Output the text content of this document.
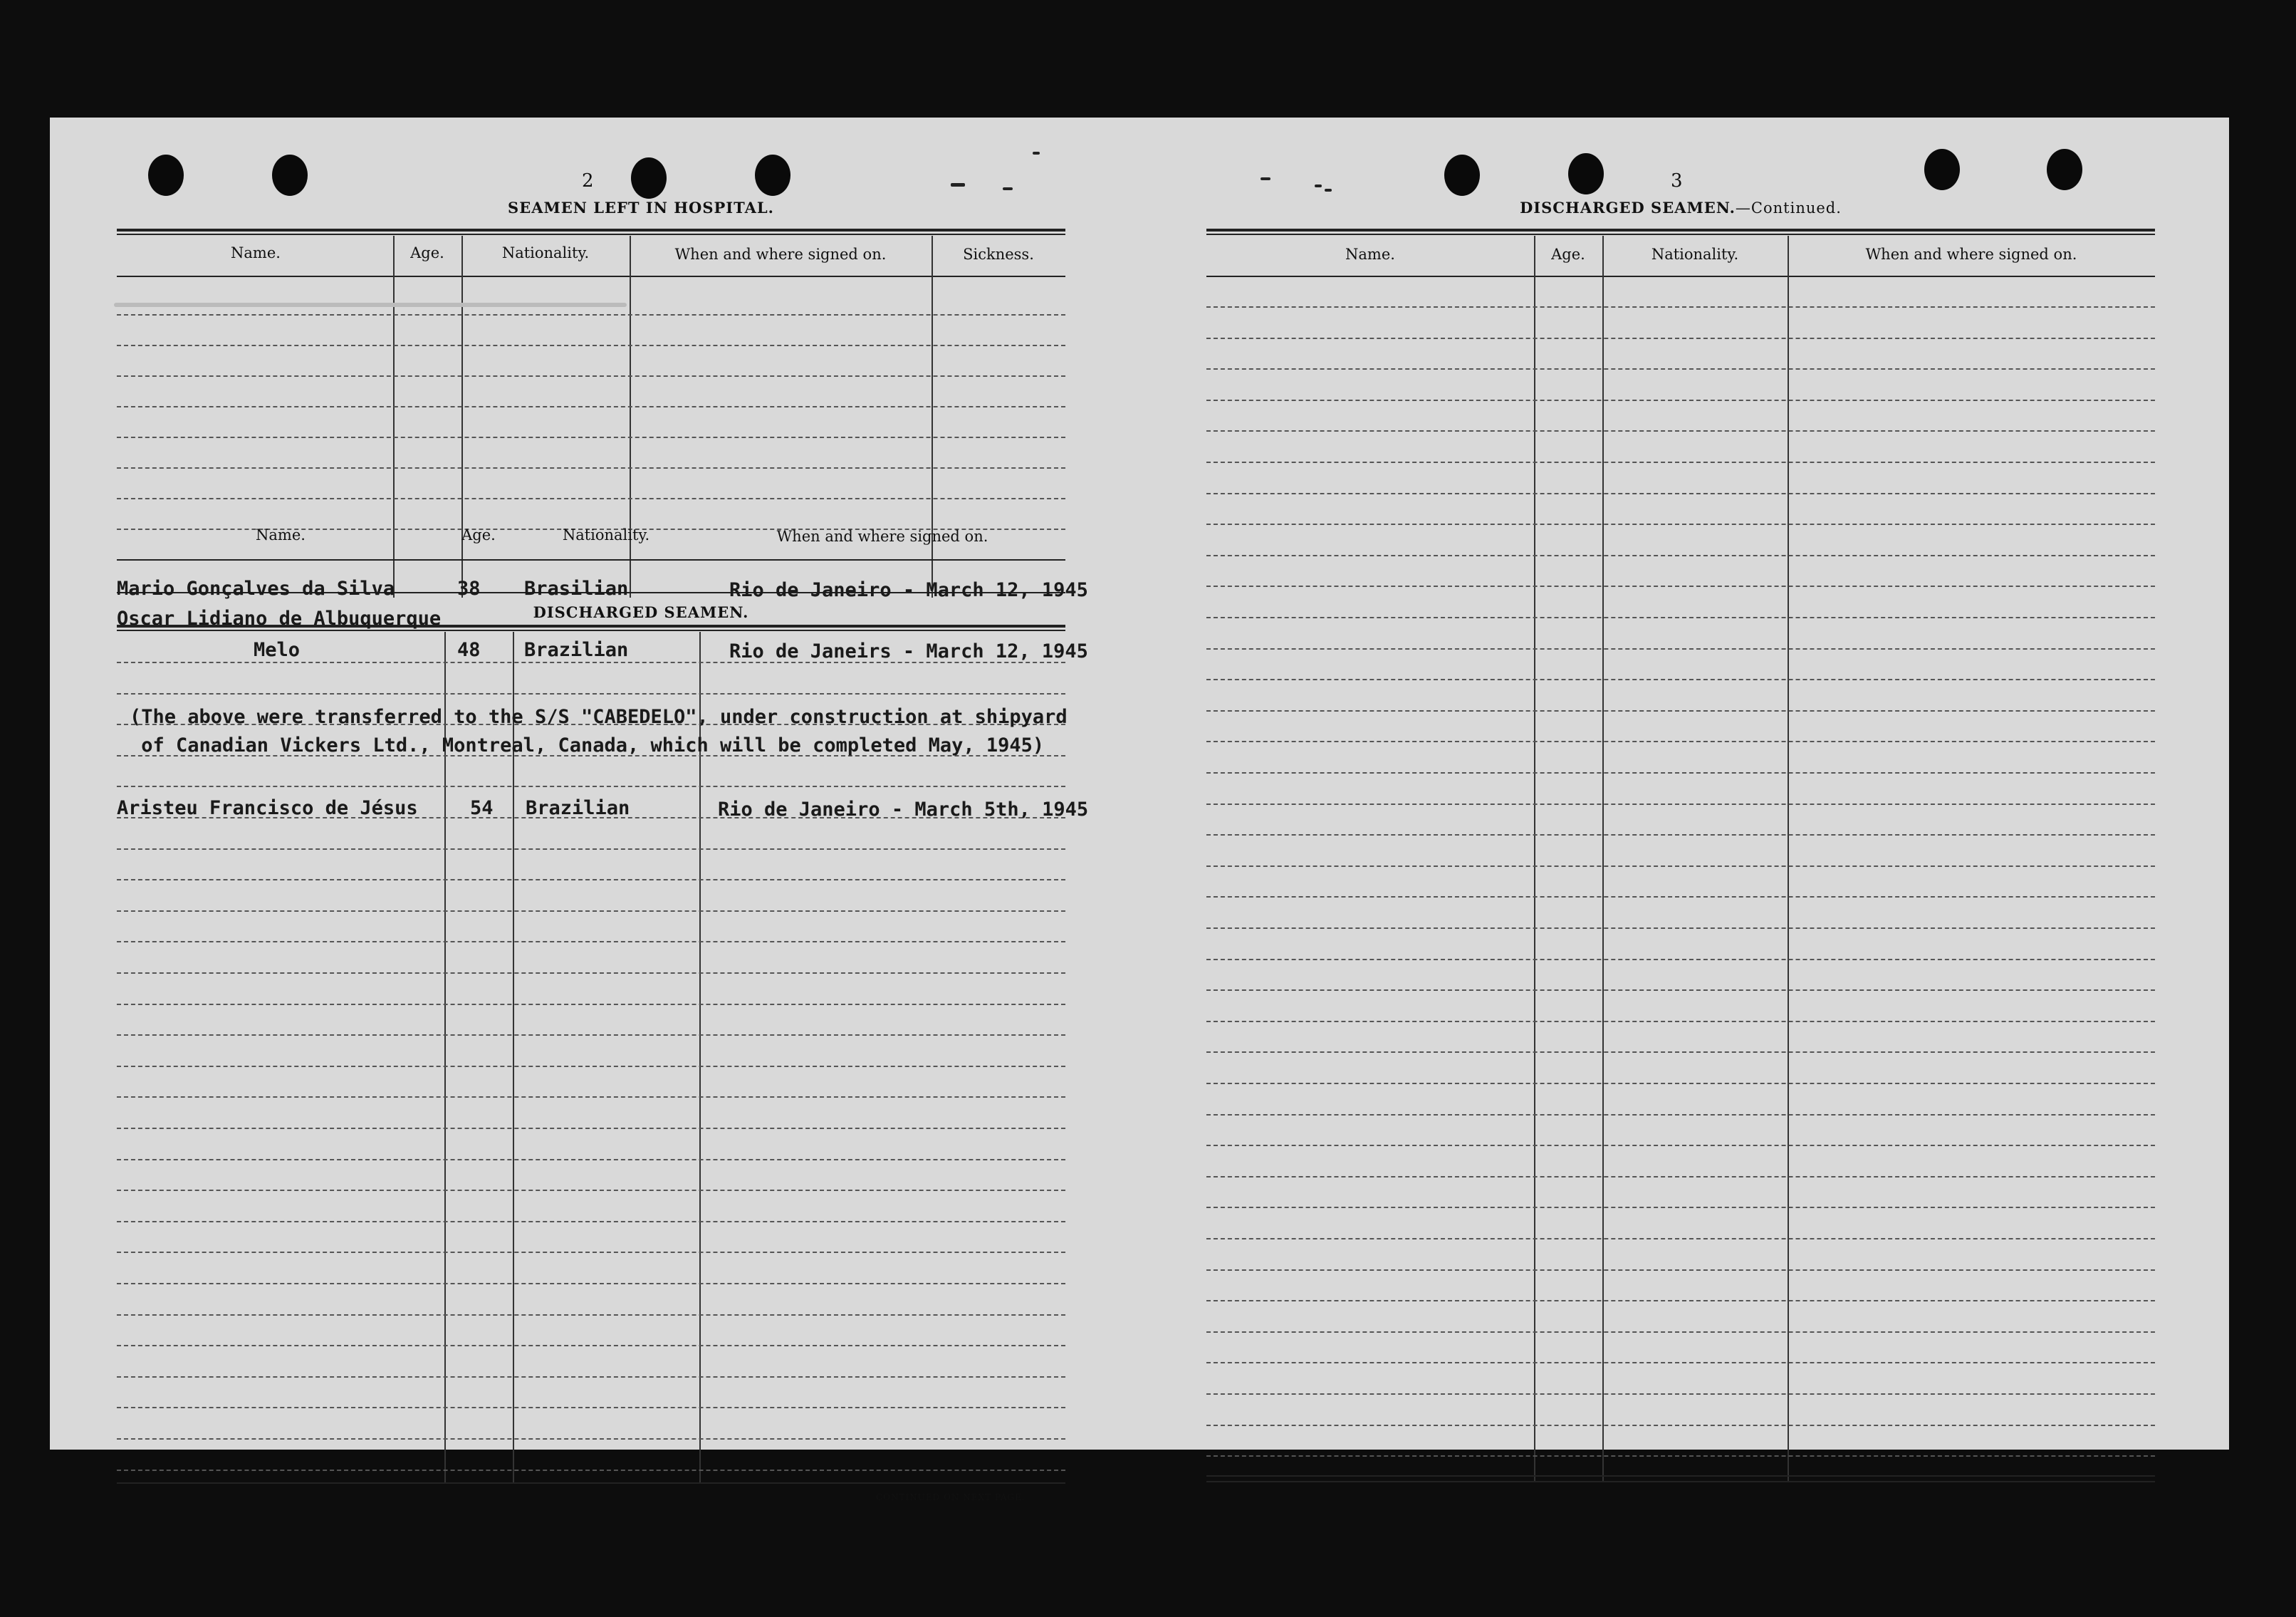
2
SEAMEN LEFT IN HOSPITAL.
Name.	Age.	Nationality.	When and where signed on.	Sickness.
DISCHARGED SEAMEN.
CONTINUED ON NEXT PAGE.
3
DISCHARGED SEAMEN.—Continued.
Name.	Age.	Nationality.	When and where signed on.
Name.	Age.	Nationality.	When and where signed on.
Mario Gonçalves da Silva	38 Brasilian	Rio de Janeiro - March 12, 1945
Oscar Lidiano de Albuquerque
Melo	48 Brazilian	Rio de Janeirs - March 12, 1945
(The above were transferred to the S/S "CABEDELO", under construction at shipyard
of Canadian Vickers Ltd., Montreal, Canada, which will be completed May, 1945)
Aristeu Francisco de Jésus	54 Brazilian	Rio de Janeiro - March 5th, 1945
